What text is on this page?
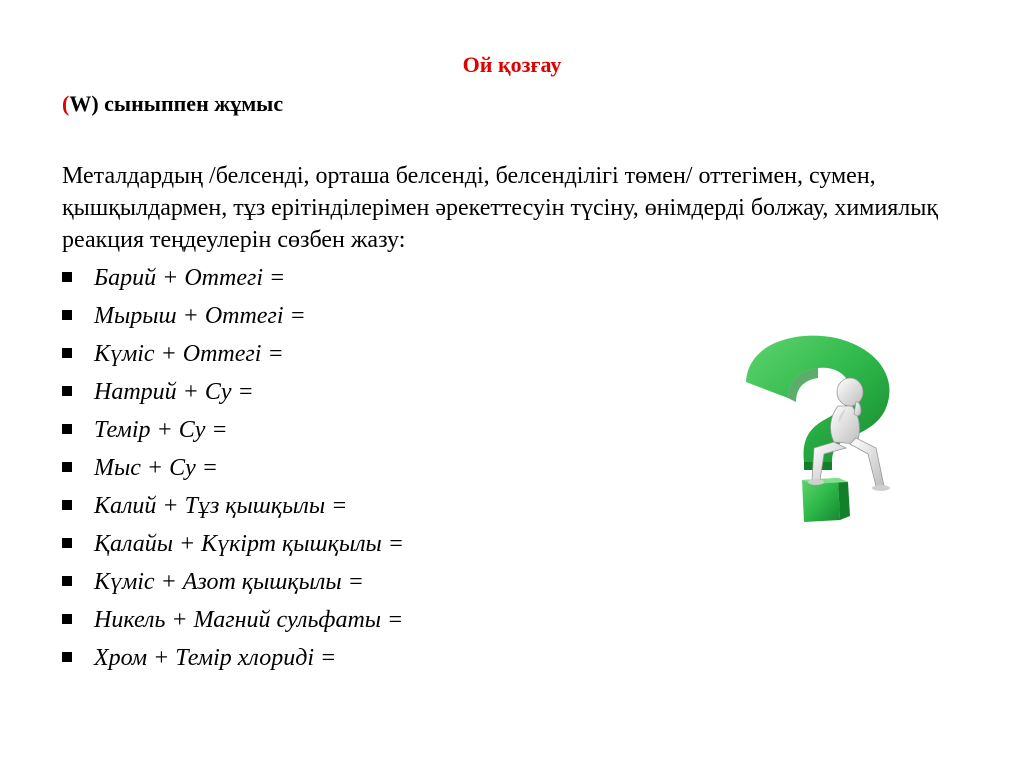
Ой қозғау
(W) сыныппен жұмыс
Металдардың /белсенді, орташа белсенді, белсенділігі төмен/ оттегімен, сумен, қышқылдармен, тұз ерітінділерімен әрекеттесуін түсіну, өнімдерді болжау, химиялық реакция теңдеулерін сөзбен жазу:
Барий + Оттегі =
Мырыш + Оттегі =
Күміс + Оттегі =
Натрий + Су =
Темір + Су =
Мыс + Су =
Калий + Тұз қышқылы =
Қалайы + Күкірт қышқылы =
Күміс + Азот қышқылы =
Никель + Магний сульфаты =
Хром + Темір хлориді =
